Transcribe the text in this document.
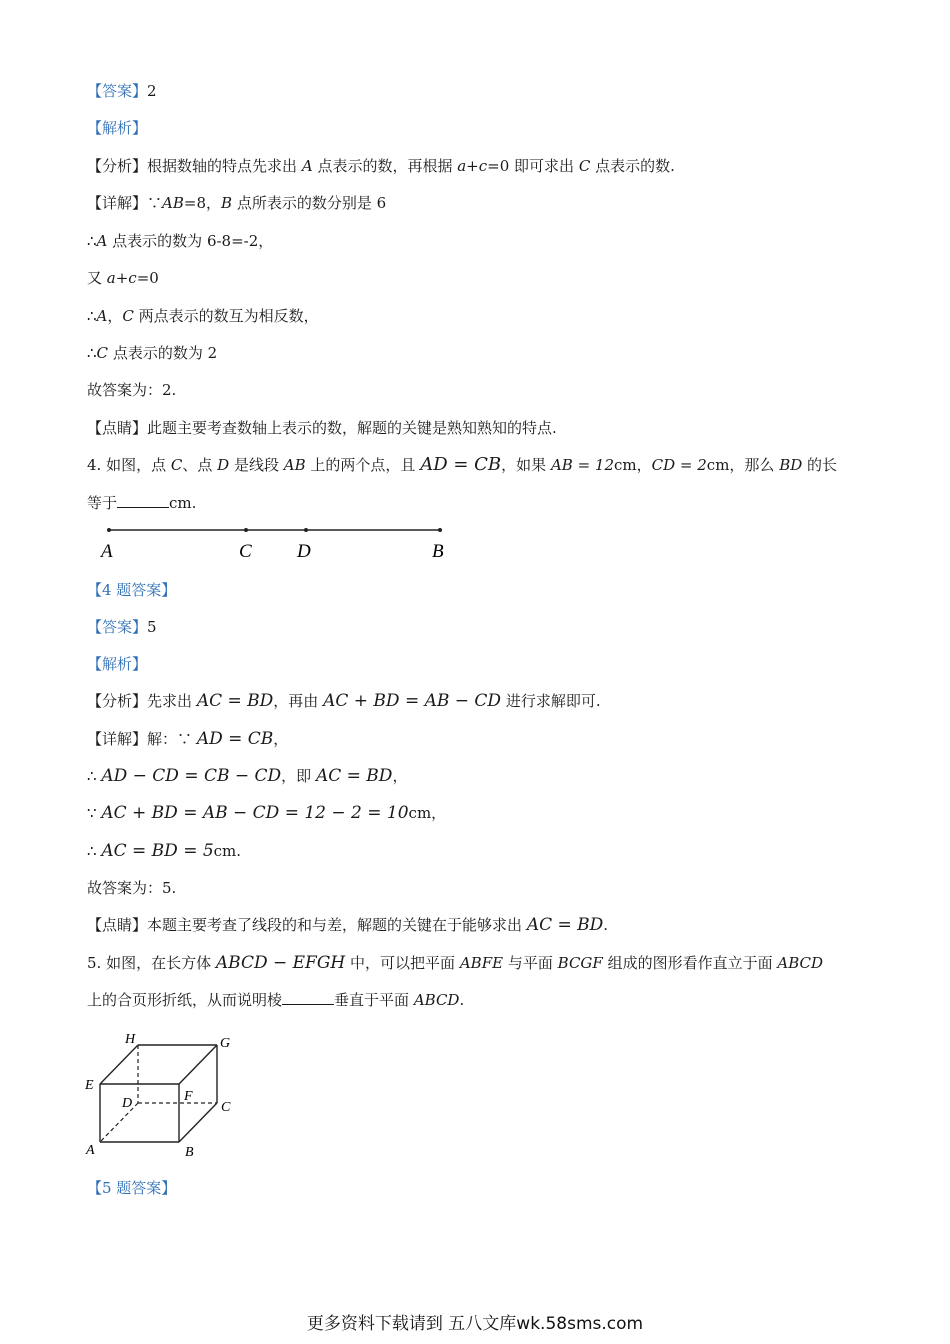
【答案】2
【解析】
【分析】根据数轴的特点先求出 A 点表示的数，再根据 a+c=0 即可求出 C 点表示的数.
【详解】∵AB=8，B 点所表示的数分别是 6
∴A 点表示的数为 6-8=-2，
又 a+c=0
∴A，C 两点表示的数互为相反数，
∴C 点表示的数为 2
故答案为：2.
【点睛】此题主要考查数轴上表示的数，解题的关键是熟知熟知的特点.
4. 如图，点 C、点 D 是线段 AB 上的两个点，且 AD = CB，如果 AB = 12cm，CD = 2cm，那么 BD 的长
等于	cm.
A	C D	B
【4 题答案】
【答案】5
【解析】
【分析】先求出 AC = BD，再由 AC + BD = AB − CD 进行求解即可.
【详解】解：∵ AD = CB，
∴ AD − CD = CB − CD，即 AC = BD，
∵ AC + BD = AB − CD = 12 − 2 = 10cm，
∴ AC = BD = 5cm.
故答案为：5.
【点睛】本题主要考查了线段的和与差，解题的关键在于能够求出 AC = BD.
5. 如图，在长方体 ABCD − EFGH 中，可以把平面 ABFE 与平面 BCGF 组成的图形看作直立于面 ABCD
上的合页形折纸，从而说明棱	垂直于平面 ABCD.
H	G
E
F
D	C
A	B
【5 题答案】
更多资料下载请到 五八文库wk.58sms.com
